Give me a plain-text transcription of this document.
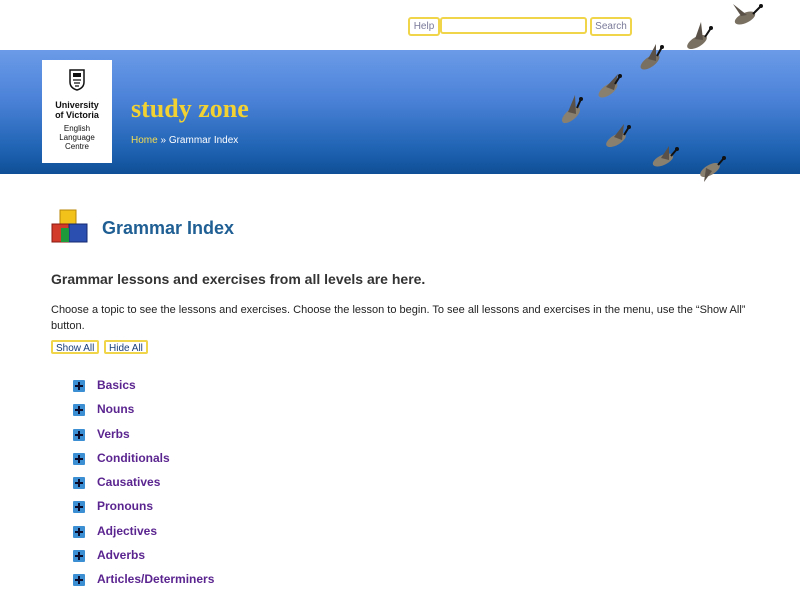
Help	Search
University
of Victoria
English
Language
Centre
study zone
Home » Grammar Index
Grammar Index
Grammar lessons and exercises from all levels are here.
Choose a topic to see the lessons and exercises. Choose the lesson to begin. To see all lessons and exercises in the menu, use the “Show All” button.
Show All	Hide All
Basics
Nouns
Verbs
Conditionals
Causatives
Pronouns
Adjectives
Adverbs
Articles/Determiners
